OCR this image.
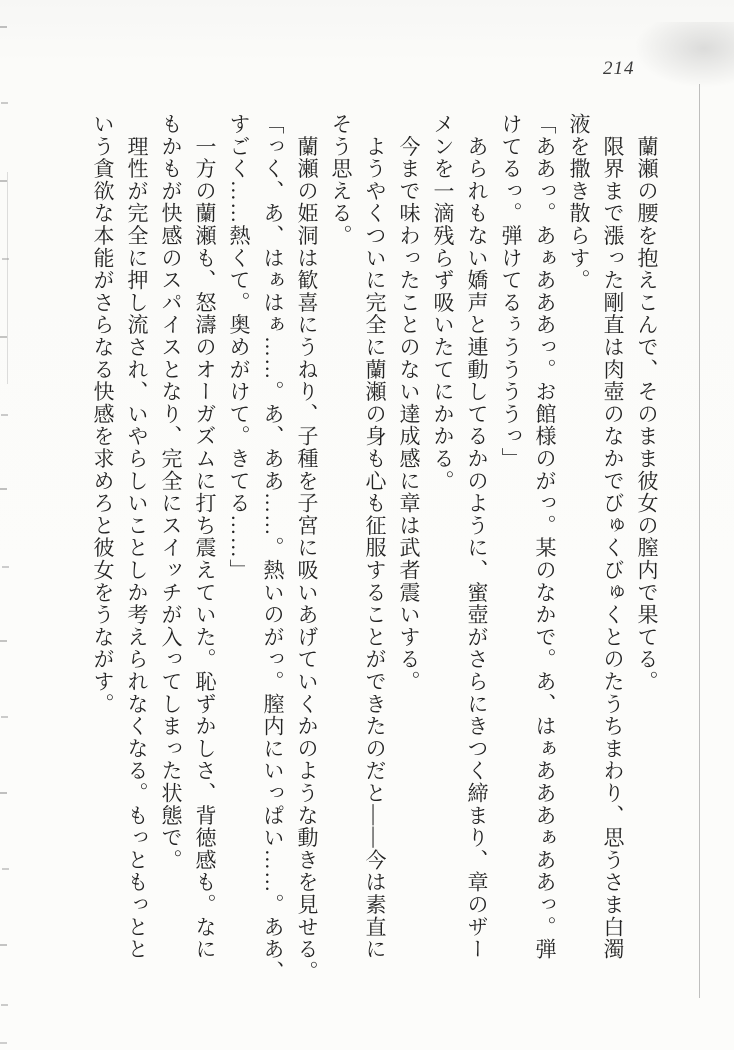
214

　蘭瀬の腰を抱えこんで、そのまま彼女の膣内で果てる。

　限界まで漲った剛直は肉壺のなかでびゅくびゅくとのたうちまわり、思うさま白濁

液を撒き散らす。

「ああっ。あぁあああっ。お館様のがっ。某のなかで。あ、はぁあああぁああっ。弾

けてるっ。弾けてるぅううううっ」

　あられもない嬌声と連動してるかのように、蜜壺がさらにきつく締まり、章のザー

メンを一滴残らず吸いたてにかかる。

　今まで味わったことのない達成感に章は武者震いする。

　ようやくついに完全に蘭瀬の身も心も征服することができたのだと――今は素直に

そう思える。

　蘭瀬の姫洞は歓喜にうねり、子種を子宮に吸いあげていくかのような動きを見せる。

「っく、あ、はぁはぁ……。あ、ああ……。熱いのがっ。膣内にいっぱい……。ああ、

すごく……熱くて。奥めがけて。きてる……」

　一方の蘭瀬も、怒濤のオーガズムに打ち震えていた。恥ずかしさ、背徳感も。なに

もかもが快感のスパイスとなり、完全にスイッチが入ってしまった状態で。

　理性が完全に押し流され、いやらしいことしか考えられなくなる。もっともっとと

いう貪欲な本能がさらなる快感を求めろと彼女をうながす。
